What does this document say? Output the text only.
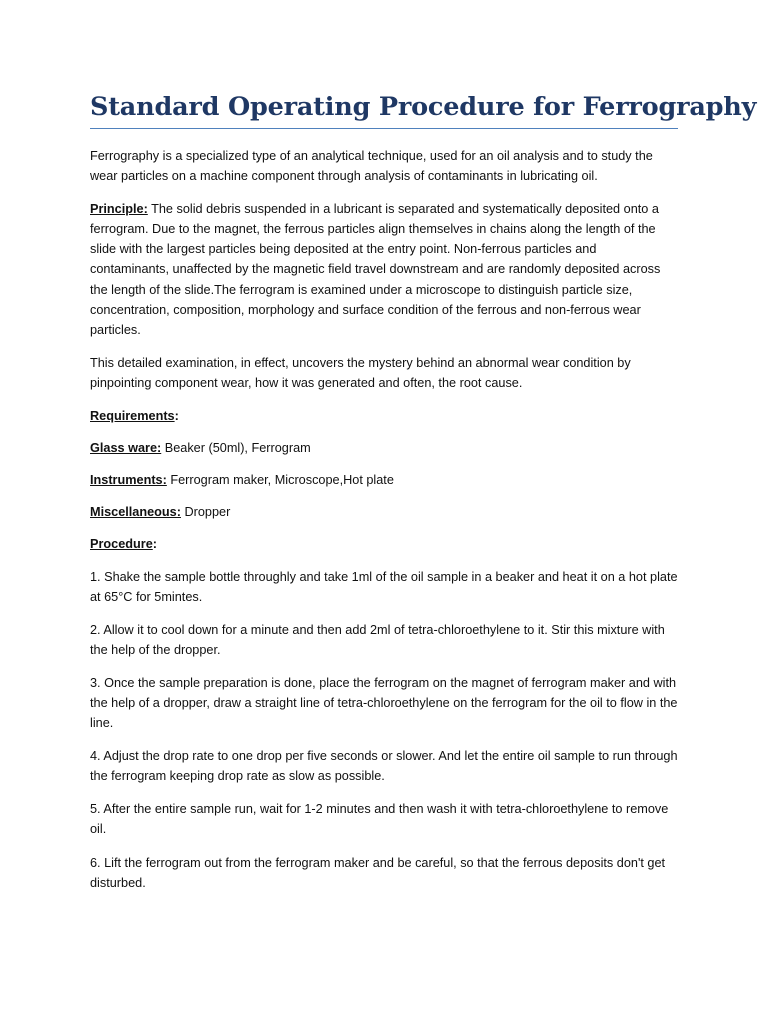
Standard Operating Procedure for Ferrography

Ferrography is a specialized type of an analytical technique, used for an oil analysis and to study the wear particles on a machine component through analysis of contaminants in lubricating oil.

Principle: The solid debris suspended in a lubricant is separated and systematically deposited onto a ferrogram. Due to the magnet, the ferrous particles align themselves in chains along the length of the slide with the largest particles being deposited at the entry point. Non-ferrous particles and contaminants, unaffected by the magnetic field travel downstream and are randomly deposited across the length of the slide.The ferrogram is examined under a microscope to distinguish particle size, concentration, composition, morphology and surface condition of the ferrous and non-ferrous wear particles.

This detailed examination, in effect, uncovers the mystery behind an abnormal wear condition by pinpointing component wear, how it was generated and often, the root cause.

Requirements:

Glass ware: Beaker (50ml), Ferrogram

Instruments: Ferrogram maker, Microscope,Hot plate

Miscellaneous: Dropper

Procedure:

1. Shake the sample bottle throughly and take 1ml of the oil sample in a beaker and heat it on a hot plate at 65°C for 5mintes.

2. Allow it to cool down for a minute and then add 2ml of tetra-chloroethylene to it. Stir this mixture with the help of the dropper.

3. Once the sample preparation is done, place the ferrogram on the magnet of ferrogram maker and with the help of a dropper, draw a straight line of tetra-chloroethylene on the ferrogram for the oil to flow in the line.

4. Adjust the drop rate to one drop per five seconds or slower. And let the entire oil sample to run through the ferrogram keeping drop rate as slow as possible.

5. After the entire sample run, wait for 1-2 minutes and then wash it with tetra-chloroethylene to remove oil.

6. Lift the ferrogram out from the ferrogram maker and be careful, so that the ferrous deposits don't get disturbed.
